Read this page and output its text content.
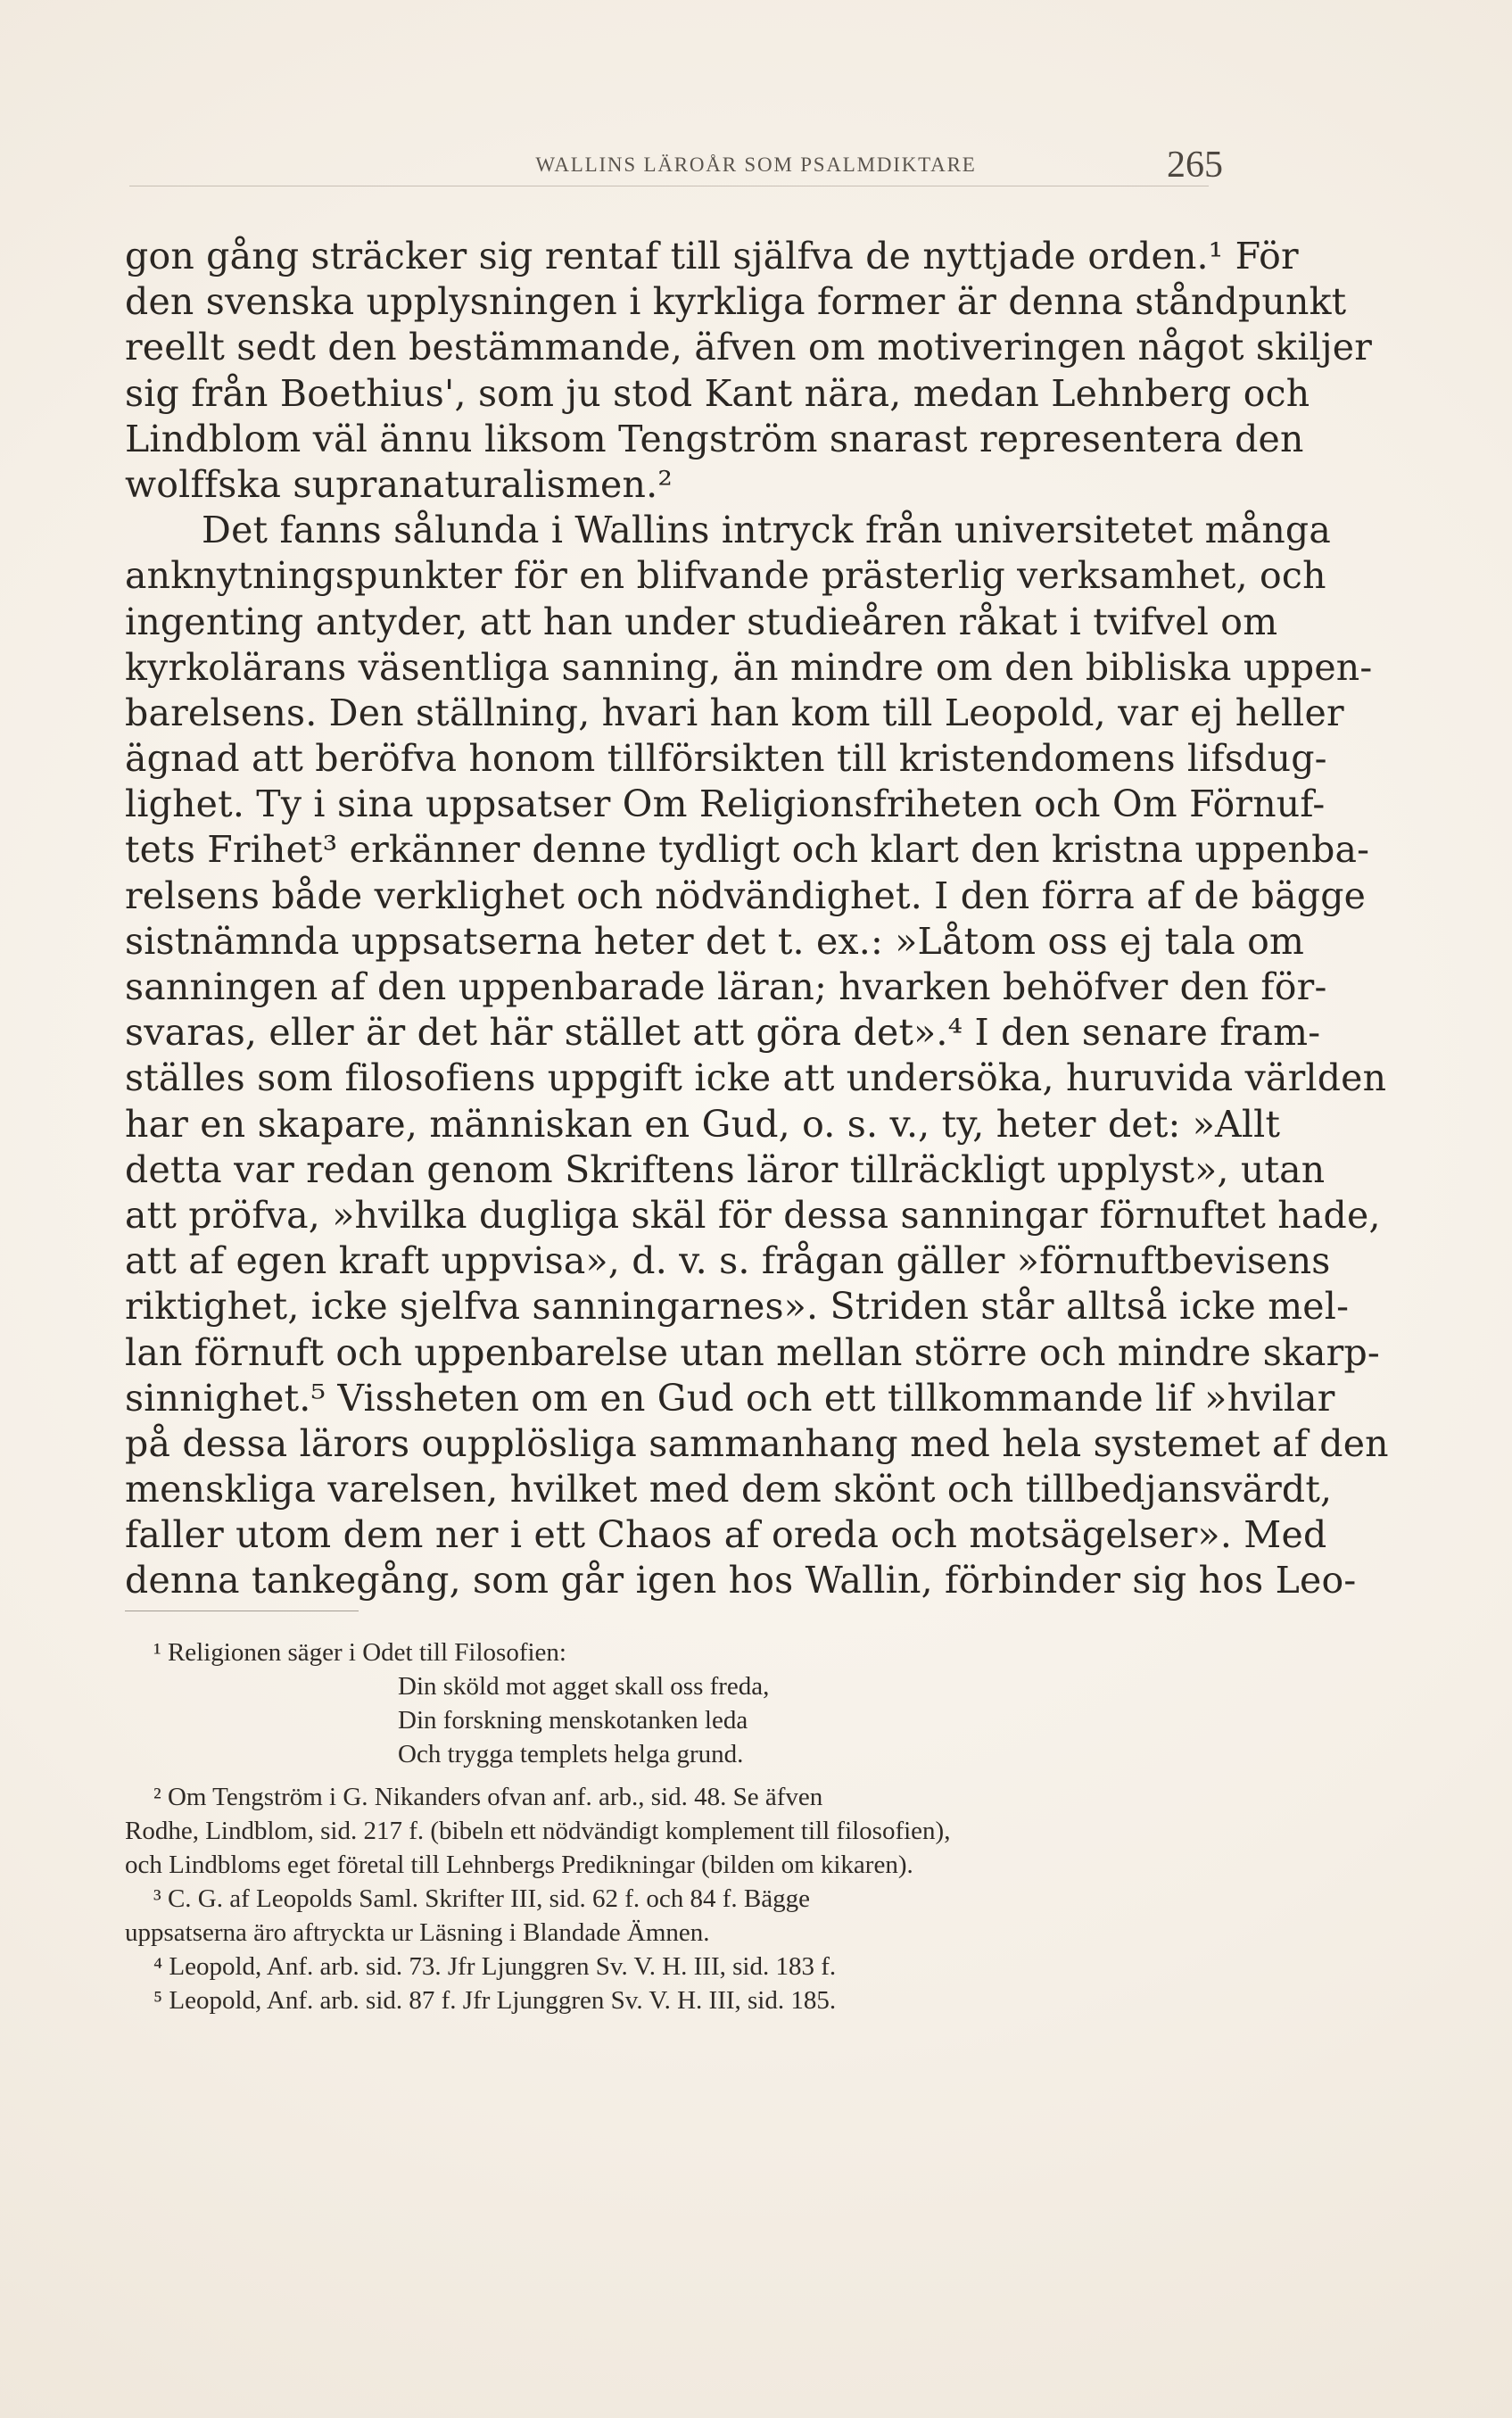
WALLINS LÄROÅR SOM PSALMDIKTARE	265
gon gång sträcker sig rentaf till själfva de nyttjade orden.¹ För
den svenska upplysningen i kyrkliga former är denna ståndpunkt
reellt sedt den bestämmande, äfven om motiveringen något skiljer
sig från Boethius', som ju stod Kant nära, medan Lehnberg och
Lindblom väl ännu liksom Tengström snarast representera den
wolffska supranaturalismen.²
Det fanns sålunda i Wallins intryck från universitetet många
anknytningspunkter för en blifvande prästerlig verksamhet, och
ingenting antyder, att han under studieåren råkat i tvifvel om
kyrkolärans väsentliga sanning, än mindre om den bibliska uppen-
barelsens. Den ställning, hvari han kom till Leopold, var ej heller
ägnad att beröfva honom tillförsikten till kristendomens lifsdug-
lighet. Ty i sina uppsatser Om Religionsfriheten och Om Förnuf-
tets Frihet³ erkänner denne tydligt och klart den kristna uppenba-
relsens både verklighet och nödvändighet. I den förra af de bägge
sistnämnda uppsatserna heter det t. ex.: »Låtom oss ej tala om
sanningen af den uppenbarade läran; hvarken behöfver den för-
svaras, eller är det här stället att göra det».⁴ I den senare fram-
ställes som filosofiens uppgift icke att undersöka, huruvida världen
har en skapare, människan en Gud, o. s. v., ty, heter det: »Allt
detta var redan genom Skriftens läror tillräckligt upplyst», utan
att pröfva, »hvilka dugliga skäl för dessa sanningar förnuftet hade,
att af egen kraft uppvisa», d. v. s. frågan gäller »förnuftbevisens
riktighet, icke sjelfva sanningarnes». Striden står alltså icke mel-
lan förnuft och uppenbarelse utan mellan större och mindre skarp-
sinnighet.⁵ Vissheten om en Gud och ett tillkommande lif »hvilar
på dessa lärors oupplösliga sammanhang med hela systemet af den
menskliga varelsen, hvilket med dem skönt och tillbedjansvärdt,
faller utom dem ner i ett Chaos af oreda och motsägelser». Med
denna tankegång, som går igen hos Wallin, förbinder sig hos Leo-
¹ Religionen säger i Odet till Filosofien:
Din sköld mot agget skall oss freda,
Din forskning menskotanken leda
Och trygga templets helga grund.
² Om Tengström i G. Nikanders ofvan anf. arb., sid. 48. Se äfven
Rodhe, Lindblom, sid. 217 f. (bibeln ett nödvändigt komplement till filosofien),
och Lindbloms eget företal till Lehnbergs Predikningar (bilden om kikaren).
³ C. G. af Leopolds Saml. Skrifter III, sid. 62 f. och 84 f. Bägge
uppsatserna äro aftryckta ur Läsning i Blandade Ämnen.
⁴ Leopold, Anf. arb. sid. 73. Jfr Ljunggren Sv. V. H. III, sid. 183 f.
⁵ Leopold, Anf. arb. sid. 87 f. Jfr Ljunggren Sv. V. H. III, sid. 185.
